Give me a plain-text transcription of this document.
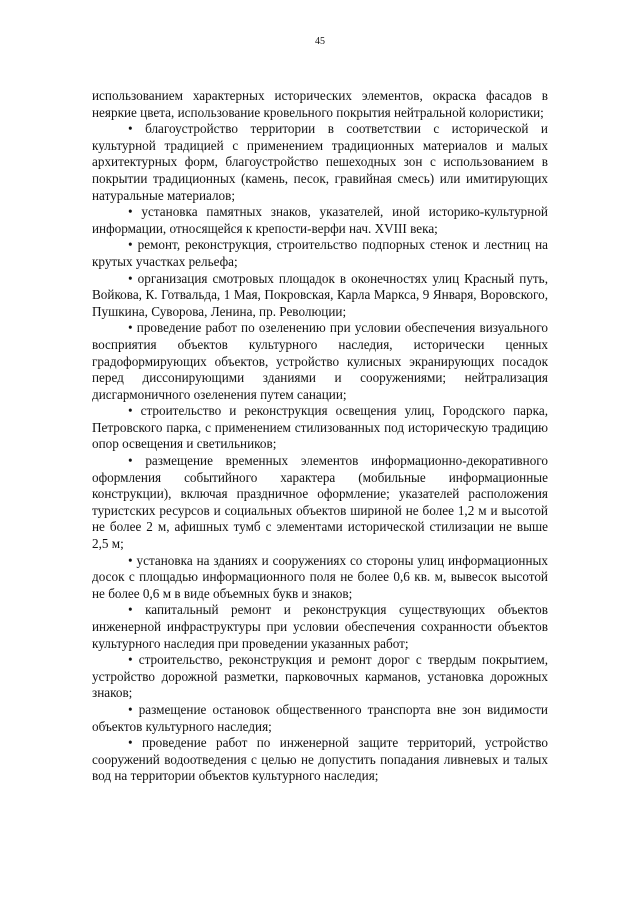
45

использованием характерных исторических элементов, окраска фасадов в неяркие цвета, использование кровельного покрытия нейтральной колористики;

• благоустройство территории в соответствии с исторической и культурной традицией с применением традиционных материалов и малых архитектурных форм, благоустройство пешеходных зон с использованием в покрытии традиционных (камень, песок, гравийная смесь) или имитирующих натуральные материалов;

• установка памятных знаков, указателей, иной историко-культурной информации, относящейся к крепости-верфи нач. XVIII века;

• ремонт, реконструкция, строительство подпорных стенок и лестниц на крутых участках рельефа;

• организация смотровых площадок в оконечностях улиц Красный путь, Войкова, К. Готвальда, 1 Мая, Покровская, Карла Маркса, 9 Января, Воровского, Пушкина, Суворова, Ленина, пр. Революции;

• проведение работ по озеленению при условии обеспечения визуального восприятия объектов культурного наследия, исторически ценных градоформирующих объектов, устройство кулисных экранирующих посадок перед диссонирующими зданиями и сооружениями; нейтрализация дисгармоничного озеленения путем санации;

• строительство и реконструкция освещения улиц, Городского парка, Петровского парка, с применением стилизованных под историческую традицию опор освещения и светильников;

• размещение временных элементов информационно-декоративного оформления событийного характера (мобильные информационные конструкции), включая праздничное оформление; указателей расположения туристских ресурсов и социальных объектов шириной не более 1,2 м и высотой не более 2 м, афишных тумб с элементами исторической стилизации не выше 2,5 м;

• установка на зданиях и сооружениях со стороны улиц информационных досок с площадью информационного поля не более 0,6 кв. м, вывесок высотой не более 0,6 м в виде объемных букв и знаков;

• капитальный ремонт и реконструкция существующих объектов инженерной инфраструктуры при условии обеспечения сохранности объектов культурного наследия при проведении указанных работ;

• строительство, реконструкция и ремонт дорог с твердым покрытием, устройство дорожной разметки, парковочных карманов, установка дорожных знаков;

• размещение остановок общественного транспорта вне зон видимости объектов культурного наследия;

• проведение работ по инженерной защите территорий, устройство сооружений водоотведения с целью не допустить попадания ливневых и талых вод на территории объектов культурного наследия;
